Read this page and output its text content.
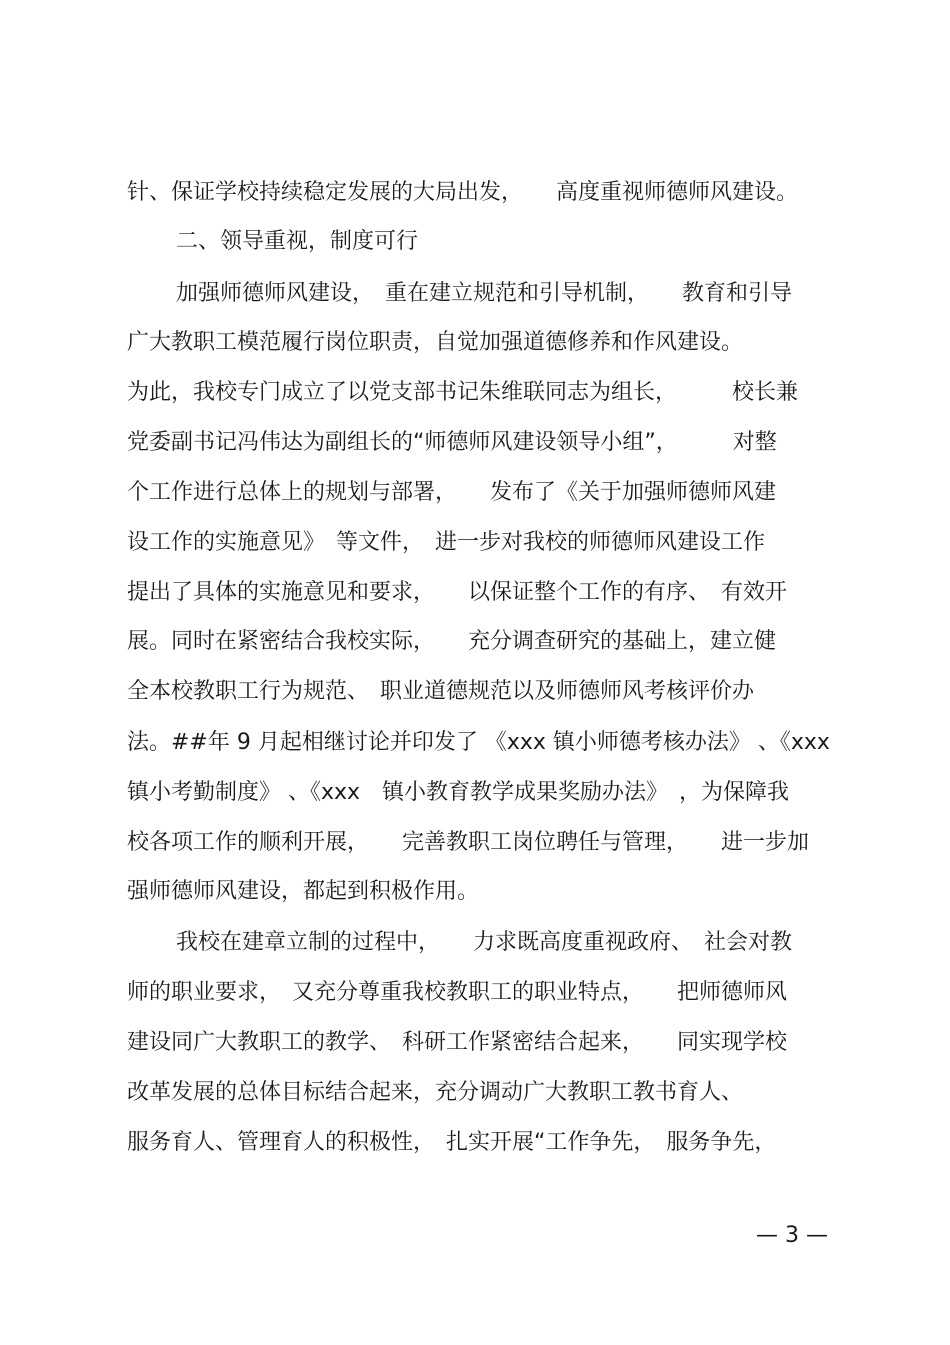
针、保证学校持续稳定发展的大局出发，　　高度重视师德师风建设。
二、领导重视，制度可行
加强师德师风建设，　重在建立规范和引导机制，　　教育和引导
广大教职工模范履行岗位职责，自觉加强道德修养和作风建设。
为此，我校专门成立了以党支部书记朱维联同志为组长，　　　校长兼
党委副书记冯伟达为副组长的“师德师风建设领导小组”，　　　对整
个工作进行总体上的规划与部署，　　发布了《关于加强师德师风建
设工作的实施意见》　等文件，　进一步对我校的师德师风建设工作
提出了具体的实施意见和要求，　　以保证整个工作的有序、　有效开
展。同时在紧密结合我校实际，　　充分调查研究的基础上，建立健
全本校教职工行为规范、　职业道德规范以及师德师风考核评价办
法。##年 9 月起相继讨论并印发了 《xxx 镇小师德考核办法》 、《xxx
镇小考勤制度》 、《xxx　镇小教育教学成果奖励办法》　，为保障我
校各项工作的顺利开展，　　完善教职工岗位聘任与管理，　　进一步加
强师德师风建设，都起到积极作用。
我校在建章立制的过程中，　　力求既高度重视政府、　社会对教
师的职业要求，　又充分尊重我校教职工的职业特点，　　把师德师风
建设同广大教职工的教学、　科研工作紧密结合起来，　　同实现学校
改革发展的总体目标结合起来，充分调动广大教职工教书育人、
服务育人、管理育人的积极性，　扎实开展“工作争先，　服务争先，
— 3 —
